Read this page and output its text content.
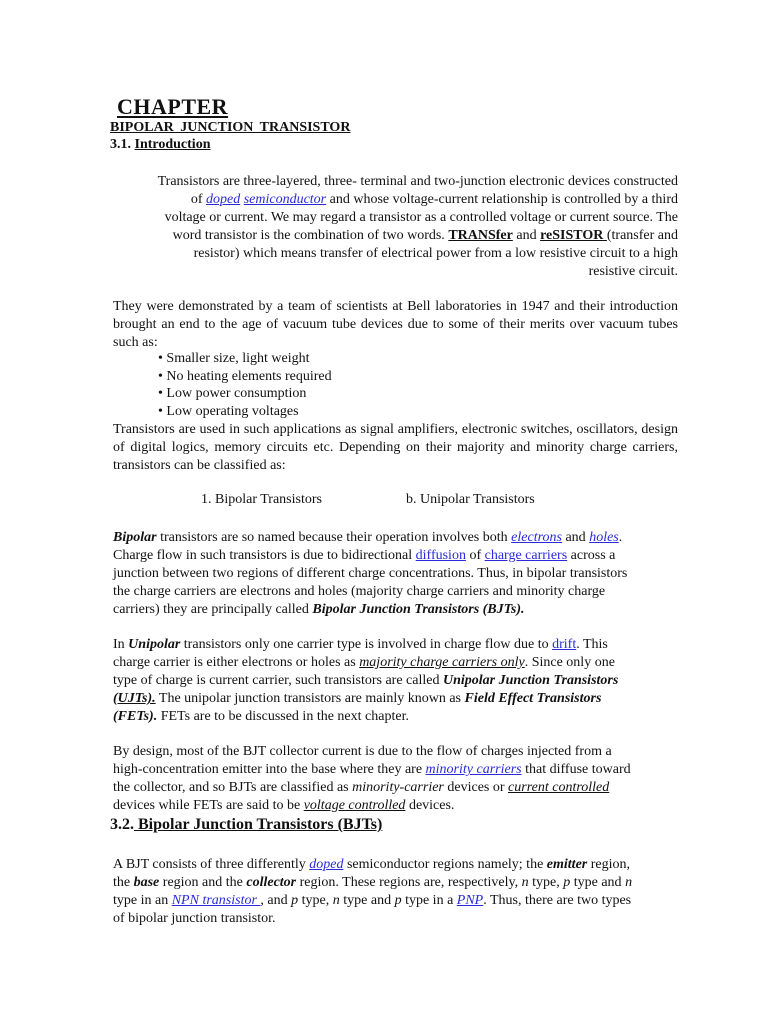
CHAPTER
BIPOLAR JUNCTION TRANSISTOR
3.1. Introduction
Transistors are three-layered, three- terminal and two-junction electronic devices constructed
of doped semiconductor and whose voltage-current relationship is controlled by a third
voltage or current. We may regard a transistor as a controlled voltage or current source. The
word transistor is the combination of two words. TRANSfer and reSISTOR (transfer and
resistor) which means transfer of electrical power from a low resistive circuit to a high
resistive circuit.
They were demonstrated by a team of scientists at Bell laboratories in 1947 and their introduction brought an end to the age of vacuum tube devices due to some of their merits over vacuum tubes such as:
• Smaller size, light weight
• No heating elements required
• Low power consumption
• Low operating voltages
Transistors are used in such applications as signal amplifiers, electronic switches, oscillators, design of digital logics, memory circuits etc. Depending on their majority and minority charge carriers, transistors can be classified as:
1. Bipolar Transistors	b. Unipolar Transistors
Bipolar transistors are so named because their operation involves both electrons and holes.
Charge flow in such transistors is due to bidirectional diffusion of charge carriers across a
junction between two regions of different charge concentrations. Thus, in bipolar transistors
the charge carriers are electrons and holes (majority charge carriers and minority charge
carriers) they are principally called Bipolar Junction Transistors (BJTs).
In Unipolar transistors only one carrier type is involved in charge flow due to drift. This
charge carrier is either electrons or holes as majority charge carriers only. Since only one
type of charge is current carrier, such transistors are called Unipolar Junction Transistors
(UJTs). The unipolar junction transistors are mainly known as Field Effect Transistors
(FETs). FETs are to be discussed in the next chapter.
By design, most of the BJT collector current is due to the flow of charges injected from a
high-concentration emitter into the base where they are minority carriers that diffuse toward
the collector, and so BJTs are classified as minority-carrier devices or current controlled
devices while FETs are said to be voltage controlled devices.
3.2. Bipolar Junction Transistors (BJTs)
A BJT consists of three differently doped semiconductor regions namely; the emitter region,
the base region and the collector region. These regions are, respectively, n type, p type and n
type in an NPN transistor , and p type, n type and p type in a PNP. Thus, there are two types
of bipolar junction transistor.
